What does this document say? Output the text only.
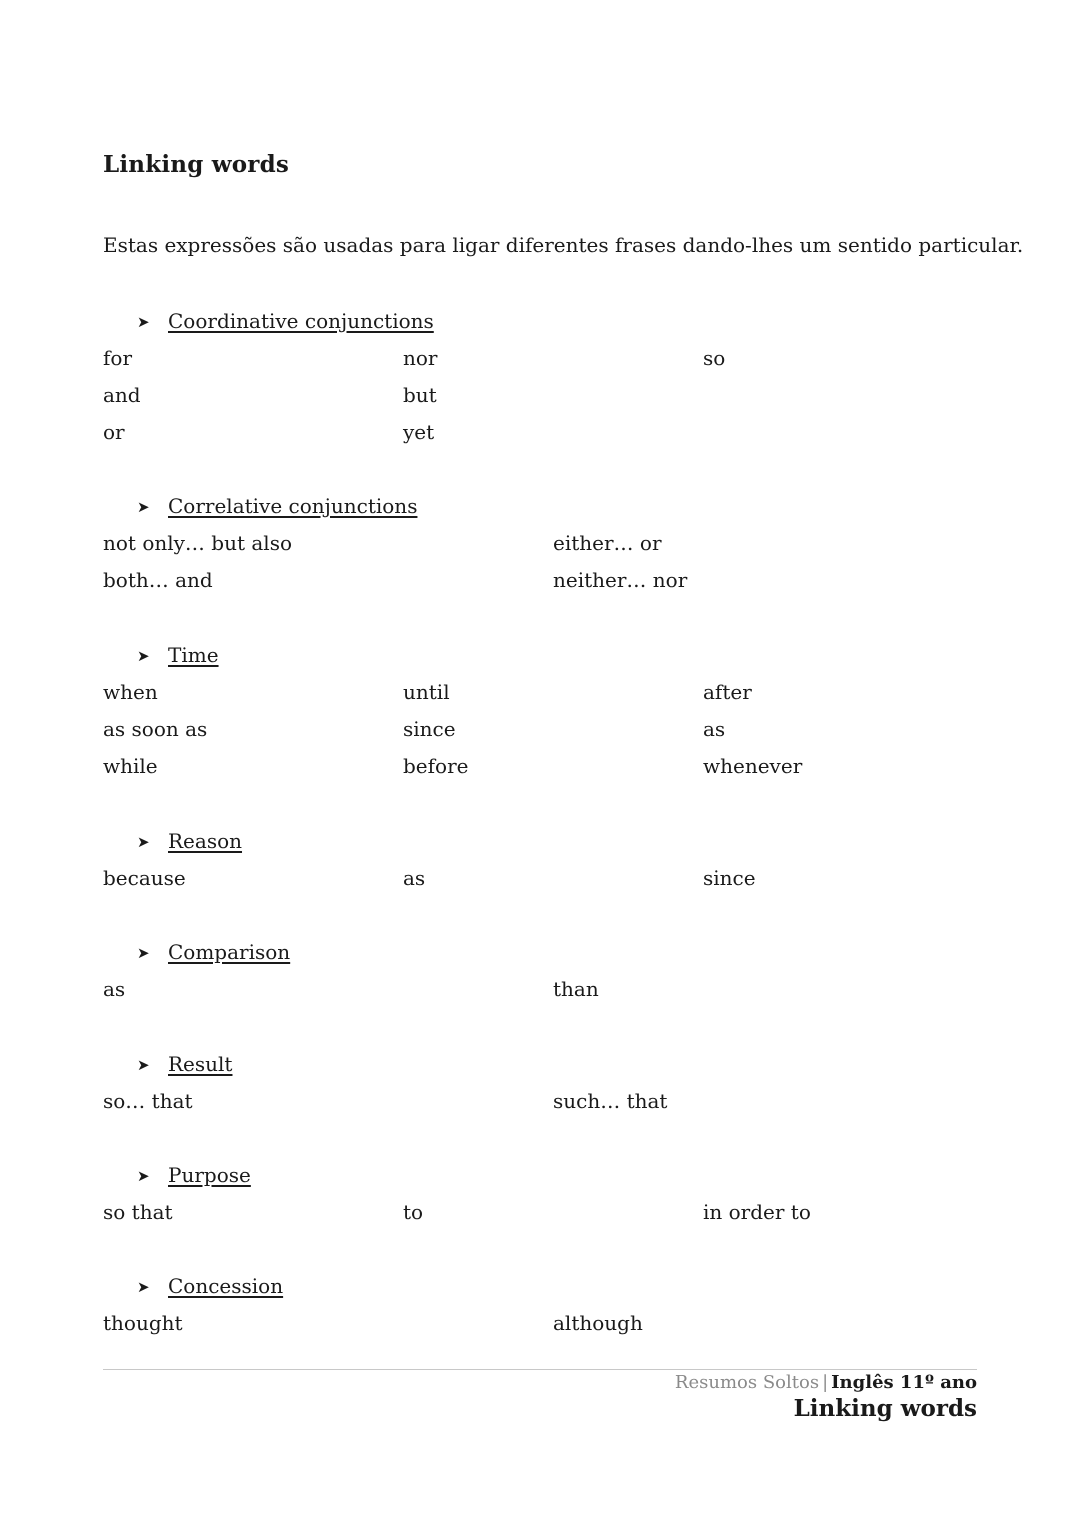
Linking words
Estas expressões são usadas para ligar diferentes frases dando-lhes um sentido particular.
➤ Coordinative conjunctions
for	nor	so
and	but
or	yet
➤ Correlative conjunctions
not only… but also	either… or
both… and	neither… nor
➤ Time
when	until	after
as soon as	since	as
while	before	whenever
➤ Reason
because	as	since
➤ Comparison
as	than
➤ Result
so… that	such… that
➤ Purpose
so that	to	in order to
➤ Concession
thought	although
Resumos Soltos | Inglês 11º ano
Linking words
